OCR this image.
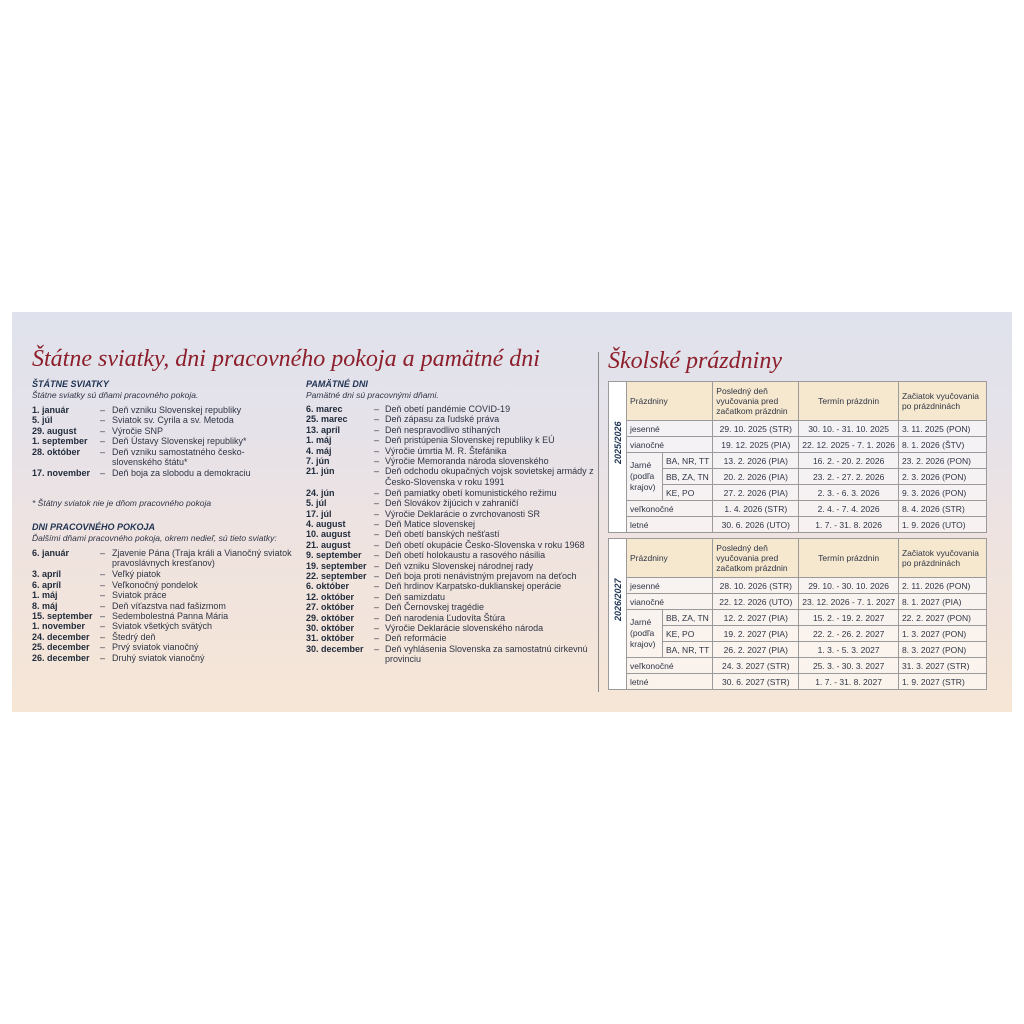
Štátne sviatky, dni pracovného pokoja a pamätné dni	Školské prázdniny
ŠTÁTNE SVIATKY
Štátne sviatky sú dňami pracovného pokoja.
1. január	– Deň vzniku Slovenskej republiky
5. júl	– Sviatok sv. Cyrila a sv. Metoda
29. august	– Výročie SNP
1. september – Deň Ústavy Slovenskej republiky*
28. október – Deň vzniku samostatného česko-slovenského štátu*
17. november – Deň boja za slobodu a demokraciu
* Štátny sviatok nie je dňom pracovného pokoja
DNI PRACOVNÉHO POKOJA
Ďalšími dňami pracovného pokoja, okrem nedieľ, sú tieto sviatky:
6. január	– Zjavenie Pána (Traja králi a Vianočný sviatok pravoslávnych kresťanov)
3. apríl	– Veľký piatok
6. apríl	– Veľkonočný pondelok
1. máj	– Sviatok práce
8. máj	– Deň víťazstva nad fašizmom
15. september – Sedembolestná Panna Mária
1. november – Sviatok všetkých svätých
24. december – Štedrý deň
25. december – Prvý sviatok vianočný
26. december – Druhý sviatok vianočný
PAMÄTNÉ DNI
Pamätné dni sú pracovnými dňami.
6. marec	– Deň obetí pandémie COVID-19
25. marec	– Deň zápasu za ľudské práva
13. apríl	– Deň nespravodlivo stíhaných
1. máj	– Deň pristúpenia Slovenskej republiky k EÚ
4. máj	– Výročie úmrtia M. R. Štefánika
7. jún	– Výročie Memoranda národa slovenského
21. jún	– Deň odchodu okupačných vojsk sovietskej armády z Česko-Slovenska v roku 1991
24. jún	– Deň pamiatky obetí komunistického režimu
5. júl	– Deň Slovákov žijúcich v zahraničí
17. júl	– Výročie Deklarácie o zvrchovanosti SR
4. august	– Deň Matice slovenskej
10. august	– Deň obetí banských nešťastí
21. august	– Deň obetí okupácie Česko-Slovenska v roku 1968
9. september – Deň obetí holokaustu a rasového násilia
19. september – Deň vzniku Slovenskej národnej rady
22. september – Deň boja proti nenávistným prejavom na deťoch
6. október	– Deň hrdinov Karpatsko-duklianskej operácie
12. október – Deň samizdatu
27. október – Deň Černovskej tragédie
29. október – Deň narodenia Ľudovíta Štúra
30. október – Výročie Deklarácie slovenského národa
31. október – Deň reformácie
30. december – Deň vyhlásenia Slovenska za samostatnú cirkevnú provinciu
2025/2026	Prázdniny		Posledný deň vyučovania pred začatkom prázdnin	Termín prázdnin	Začiatok vyučovania po prázdninách
	jesenné		29. 10. 2025 (STR)	30. 10. - 31. 10. 2025	3. 11. 2025 (PON)
	vianočné		19. 12. 2025 (PIA)	22. 12. 2025 - 7. 1. 2026	8. 1. 2026 (ŠTV)
	Jarné (podľa krajov)	BA, NR, TT	13. 2. 2026 (PIA)	16. 2. - 20. 2. 2026	23. 2. 2026 (PON)
		BB, ZA, TN	20. 2. 2026 (PIA)	23. 2. - 27. 2. 2026	2. 3. 2026 (PON)
		KE, PO	27. 2. 2026 (PIA)	2. 3. - 6. 3. 2026	9. 3. 2026 (PON)
	veľkonočné		1. 4. 2026 (STR)	2. 4. - 7. 4. 2026	8. 4. 2026 (STR)
	letné		30. 6. 2026 (UTO)	1. 7. - 31. 8. 2026	1. 9. 2026 (UTO)
2026/2027	Prázdniny		Posledný deň vyučovania pred začatkom prázdnin	Termín prázdnin	Začiatok vyučovania po prázdninách
	jesenné		28. 10. 2026 (STR)	29. 10. - 30. 10. 2026	2. 11. 2026 (PON)
	vianočné		22. 12. 2026 (UTO)	23. 12. 2026 - 7. 1. 2027	8. 1. 2027 (PIA)
	Jarné (podľa krajov)	BB, ZA, TN	12. 2. 2027 (PIA)	15. 2. - 19. 2. 2027	22. 2. 2027 (PON)
		KE, PO	19. 2. 2027 (PIA)	22. 2. - 26. 2. 2027	1. 3. 2027 (PON)
		BA, NR, TT	26. 2. 2027 (PIA)	1. 3. - 5. 3. 2027	8. 3. 2027 (PON)
	veľkonočné		24. 3. 2027 (STR)	25. 3. - 30. 3. 2027	31. 3. 2027 (STR)
	letné		30. 6. 2027 (STR)	1. 7. - 31. 8. 2027	1. 9. 2027 (STR)
